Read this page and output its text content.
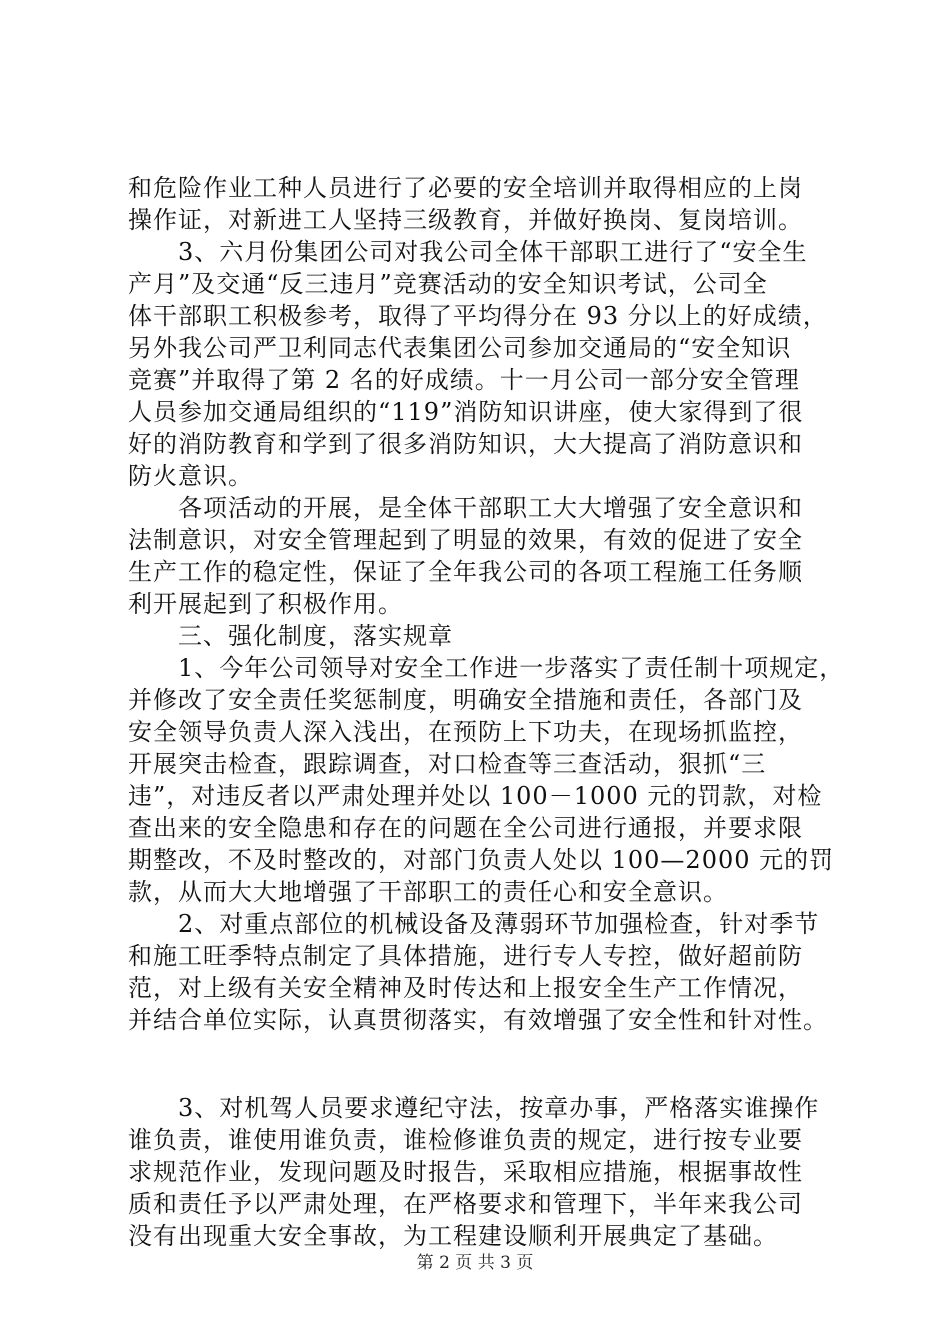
和危险作业工种人员进行了必要的安全培训并取得相应的上岗
操作证，对新进工人坚持三级教育，并做好换岗、复岗培训。
3、六月份集团公司对我公司全体干部职工进行了“安全生
产月”及交通“反三违月”竞赛活动的安全知识考试，公司全
体干部职工积极参考，取得了平均得分在 93 分以上的好成绩，
另外我公司严卫利同志代表集团公司参加交通局的“安全知识
竞赛”并取得了第 2 名的好成绩。十一月公司一部分安全管理
人员参加交通局组织的“119”消防知识讲座，使大家得到了很
好的消防教育和学到了很多消防知识，大大提高了消防意识和
防火意识。
各项活动的开展，是全体干部职工大大增强了安全意识和
法制意识，对安全管理起到了明显的效果，有效的促进了安全
生产工作的稳定性，保证了全年我公司的各项工程施工任务顺
利开展起到了积极作用。
三、强化制度，落实规章
1、今年公司领导对安全工作进一步落实了责任制十项规定，
并修改了安全责任奖惩制度，明确安全措施和责任，各部门及
安全领导负责人深入浅出，在预防上下功夫，在现场抓监控，
开展突击检查，跟踪调查，对口检查等三查活动，狠抓“三
违”，对违反者以严肃处理并处以 100－1000 元的罚款，对检
查出来的安全隐患和存在的问题在全公司进行通报，并要求限
期整改，不及时整改的，对部门负责人处以 100—2000 元的罚
款，从而大大地增强了干部职工的责任心和安全意识。
2、对重点部位的机械设备及薄弱环节加强检查，针对季节
和施工旺季特点制定了具体措施，进行专人专控，做好超前防
范，对上级有关安全精神及时传达和上报安全生产工作情况，
并结合单位实际，认真贯彻落实，有效增强了安全性和针对性。
3、对机驾人员要求遵纪守法，按章办事，严格落实谁操作
谁负责，谁使用谁负责，谁检修谁负责的规定，进行按专业要
求规范作业，发现问题及时报告，采取相应措施，根据事故性
质和责任予以严肃处理，在严格要求和管理下，半年来我公司
没有出现重大安全事故，为工程建设顺利开展典定了基础。
第 2 页 共 3 页
